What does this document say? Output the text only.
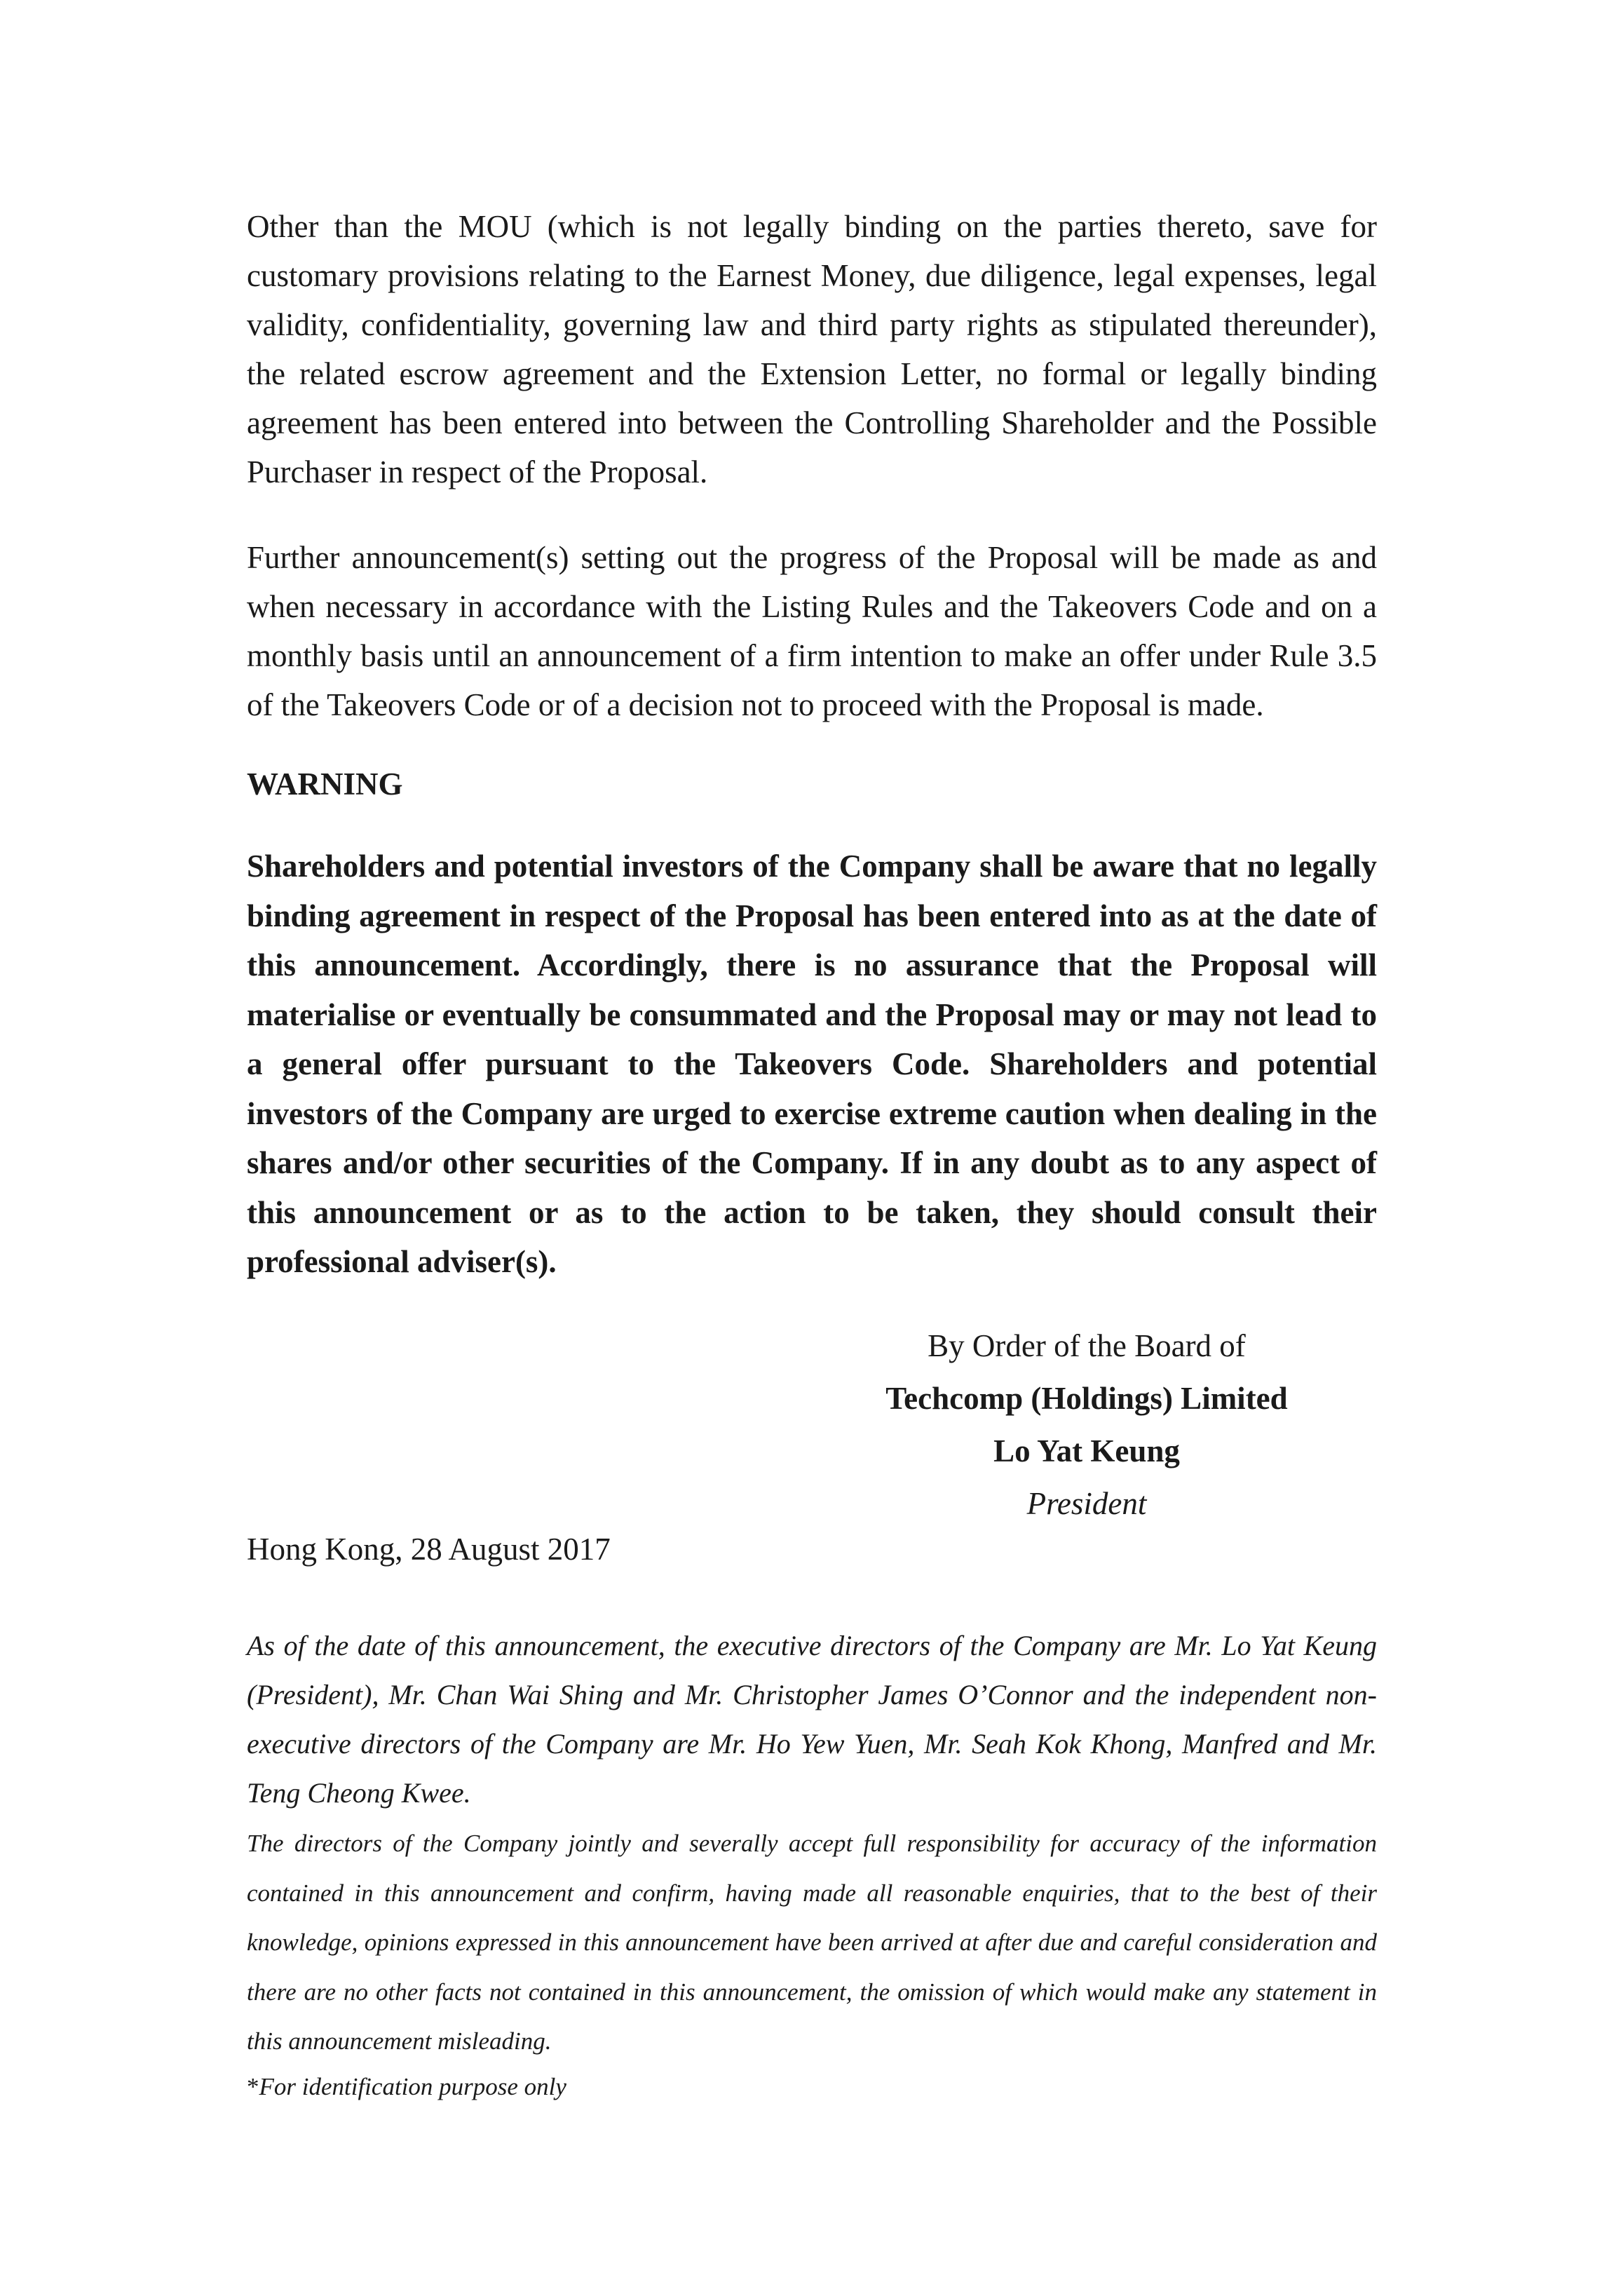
Other than the MOU (which is not legally binding on the parties thereto, save for customary provisions relating to the Earnest Money, due diligence, legal expenses, legal validity, confidentiality, governing law and third party rights as stipulated thereunder), the related escrow agreement and the Extension Letter, no formal or legally binding agreement has been entered into between the Controlling Shareholder and the Possible Purchaser in respect of the Proposal.

Further announcement(s) setting out the progress of the Proposal will be made as and when necessary in accordance with the Listing Rules and the Takeovers Code and on a monthly basis until an announcement of a firm intention to make an offer under Rule 3.5 of the Takeovers Code or of a decision not to proceed with the Proposal is made.

WARNING

Shareholders and potential investors of the Company shall be aware that no legally binding agreement in respect of the Proposal has been entered into as at the date of this announcement. Accordingly, there is no assurance that the Proposal will materialise or eventually be consummated and the Proposal may or may not lead to a general offer pursuant to the Takeovers Code. Shareholders and potential investors of the Company are urged to exercise extreme caution when dealing in the shares and/or other securities of the Company. If in any doubt as to any aspect of this announcement or as to the action to be taken, they should consult their professional adviser(s).

By Order of the Board of
Techcomp (Holdings) Limited
Lo Yat Keung
President

Hong Kong, 28 August 2017

As of the date of this announcement, the executive directors of the Company are Mr. Lo Yat Keung (President), Mr. Chan Wai Shing and Mr. Christopher James O’Connor and the independent non-executive directors of the Company are Mr. Ho Yew Yuen, Mr. Seah Kok Khong, Manfred and Mr. Teng Cheong Kwee.

The directors of the Company jointly and severally accept full responsibility for accuracy of the information contained in this announcement and confirm, having made all reasonable enquiries, that to the best of their knowledge, opinions expressed in this announcement have been arrived at after due and careful consideration and there are no other facts not contained in this announcement, the omission of which would make any statement in this announcement misleading.

*For identification purpose only
